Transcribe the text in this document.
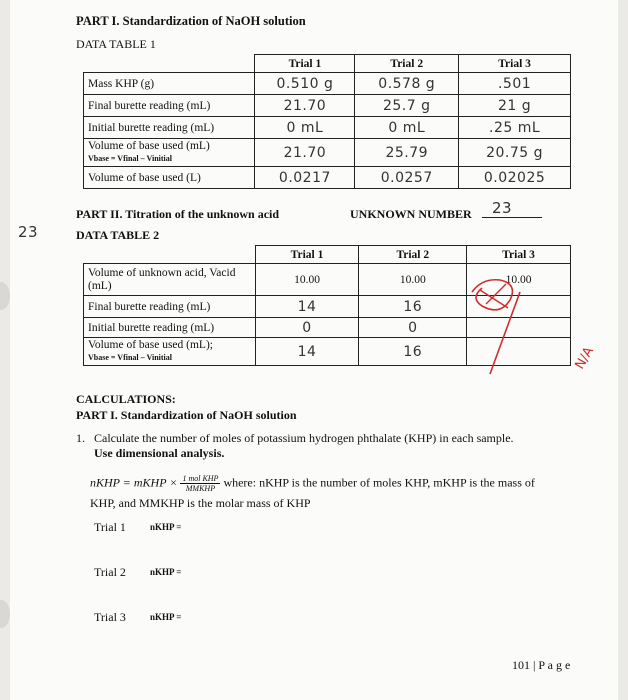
PART I. Standardization of NaOH solution
DATA TABLE 1
	Trial 1	Trial 2	Trial 3
Mass KHP (g)	0.510 g	0.578 g	.501
Final burette reading (mL)	21.70	25.7 g	21 g
Initial burette reading (mL)	0 mL	0 mL	.25 mL
Volume of base used (mL)
Vbase = Vfinal – Vinitial	21.70	25.79	20.75 g
Volume of base used (L)	0.0217	0.0257	0.02025
PART II. Titration of the unknown acid	UNKNOWN NUMBER 23
23	DATA TABLE 2
	Trial 1	Trial 2	Trial 3
Volume of unknown acid, Vacid (mL)	10.00	10.00	10.00
Final burette reading (mL)	14	16	
Initial burette reading (mL)	0	0	
Volume of base used (mL);
Vbase = Vfinal – Vinitial	14	16		N/A
CALCULATIONS:
PART I. Standardization of NaOH solution
1. Calculate the number of moles of potassium hydrogen phthalate (KHP) in each sample.
Use dimensional analysis.
nKHP = mKHP × $\frac{\text{1 mol KHP}}{\text{MMKHP}}$ where: nKHP is the number of moles KHP, mKHP is the mass of
KHP, and MMKHP is the molar mass of KHP
Trial 1	nKHP =
Trial 2	nKHP =
Trial 3	nKHP =
101 | P a g e
